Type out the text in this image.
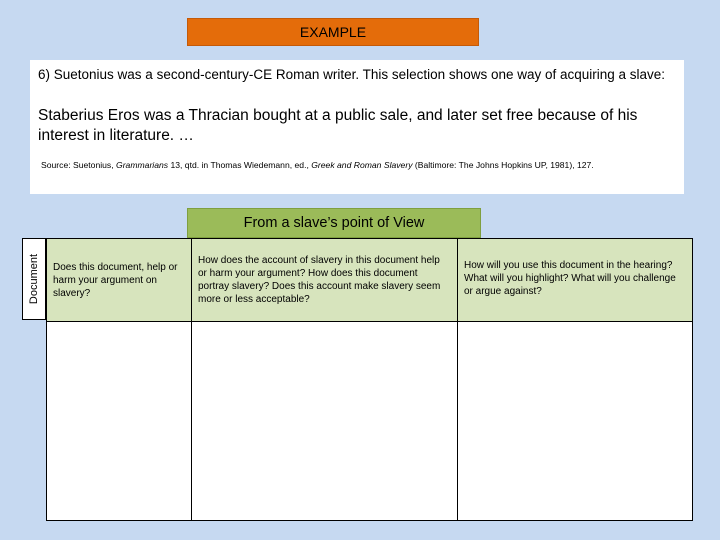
EXAMPLE

6) Suetonius was a second-century-CE Roman writer. This selection shows one way of acquiring a slave:

Staberius Eros was a Thracian bought at a public sale, and later set free because of his interest in literature. …

Source: Suetonius, Grammarians 13, qtd. in Thomas Wiedemann, ed., Greek and Roman Slavery (Baltimore: The Johns Hopkins UP, 1981), 127.
From a slave’s point of View
Document	Does this document, help or harm your argument on slavery?	How does the account of slavery in this document help or harm your argument? How does this document portray slavery? Does this account make slavery seem more or less acceptable?	How will you use this document in the hearing? What will you highlight? What will you challenge or argue against?
